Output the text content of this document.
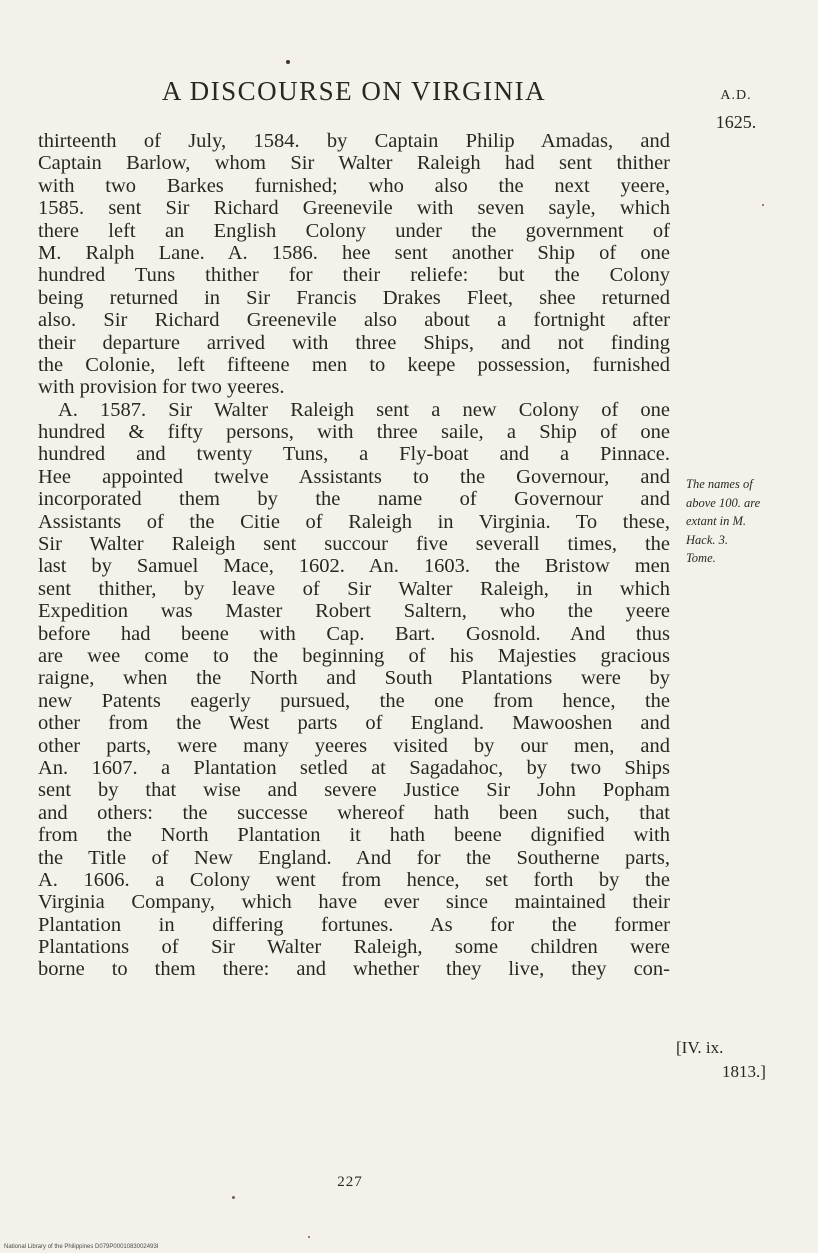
A DISCOURSE ON VIRGINIA	A.D.
1625.
thirteenth of July, 1584. by Captain Philip Amadas, and
Captain Barlow, whom Sir Walter Raleigh had sent thither
with two Barkes furnished; who also the next yeere,
1585. sent Sir Richard Greenevile with seven sayle, which
there left an English Colony under the government of
M. Ralph Lane. A. 1586. hee sent another Ship of one
hundred Tuns thither for their reliefe: but the Colony
being returned in Sir Francis Drakes Fleet, shee returned
also. Sir Richard Greenevile also about a fortnight after
their departure arrived with three Ships, and not finding
the Colonie, left fifteene men to keepe possession, furnished
with provision for two yeeres.
A. 1587. Sir Walter Raleigh sent a new Colony of one
hundred & fifty persons, with three saile, a Ship of one
hundred and twenty Tuns, a Fly-boat and a Pinnace.
Hee appointed twelve Assistants to the Governour, and
incorporated them by the name of Governour and
Assistants of the Citie of Raleigh in Virginia. To these,
Sir Walter Raleigh sent succour five severall times, the
last by Samuel Mace, 1602. An. 1603. the Bristow men
sent thither, by leave of Sir Walter Raleigh, in which
Expedition was Master Robert Saltern, who the yeere
before had beene with Cap. Bart. Gosnold. And thus
are wee come to the beginning of his Majesties gracious
raigne, when the North and South Plantations were by
new Patents eagerly pursued, the one from hence, the
other from the West parts of England. Mawooshen and
other parts, were many yeeres visited by our men, and
An. 1607. a Plantation setled at Sagadahoc, by two Ships
sent by that wise and severe Justice Sir John Popham
and others: the successe whereof hath been such, that
from the North Plantation it hath beene dignified with
the Title of New England. And for the Southerne parts,
A. 1606. a Colony went from hence, set forth by the
Virginia Company, which have ever since maintained their
Plantation in differing fortunes. As for the former
Plantations of Sir Walter Raleigh, some children were
borne to them there: and whether they live, they con-
The names of
above 100. are
extant in M.
Hack. 3.
Tome.
[IV. ix.
1813.]
227
National Library of the Philippines D079P0001083002493I
